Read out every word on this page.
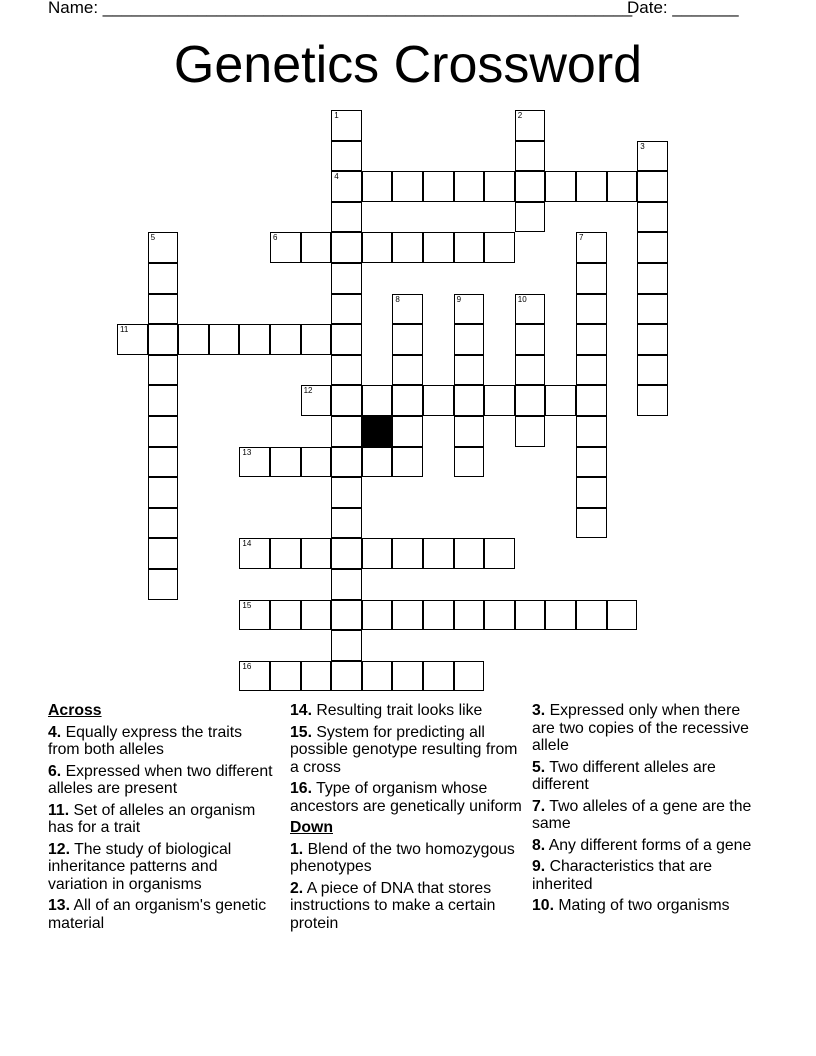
Name: ________________________________________________________
Date: _______
Genetics Crossword
1	2
3
4
5	6	7
8	9	10
11
12
13
14
15
16
Across
4. Equally express the traits from both alleles
6. Expressed when two different alleles are present
11. Set of alleles an organism has for a trait
12. The study of biological inheritance patterns and variation in organisms
13. All of an organism's genetic material
14. Resulting trait looks like
15. System for predicting all possible genotype resulting from a cross
16. Type of organism whose ancestors are genetically uniform
Down
1. Blend of the two homozygous phenotypes
2. A piece of DNA that stores instructions to make a certain protein
3. Expressed only when there are two copies of the recessive allele
5. Two different alleles are different
7. Two alleles of a gene are the same
8. Any different forms of a gene
9. Characteristics that are inherited
10. Mating of two organisms
